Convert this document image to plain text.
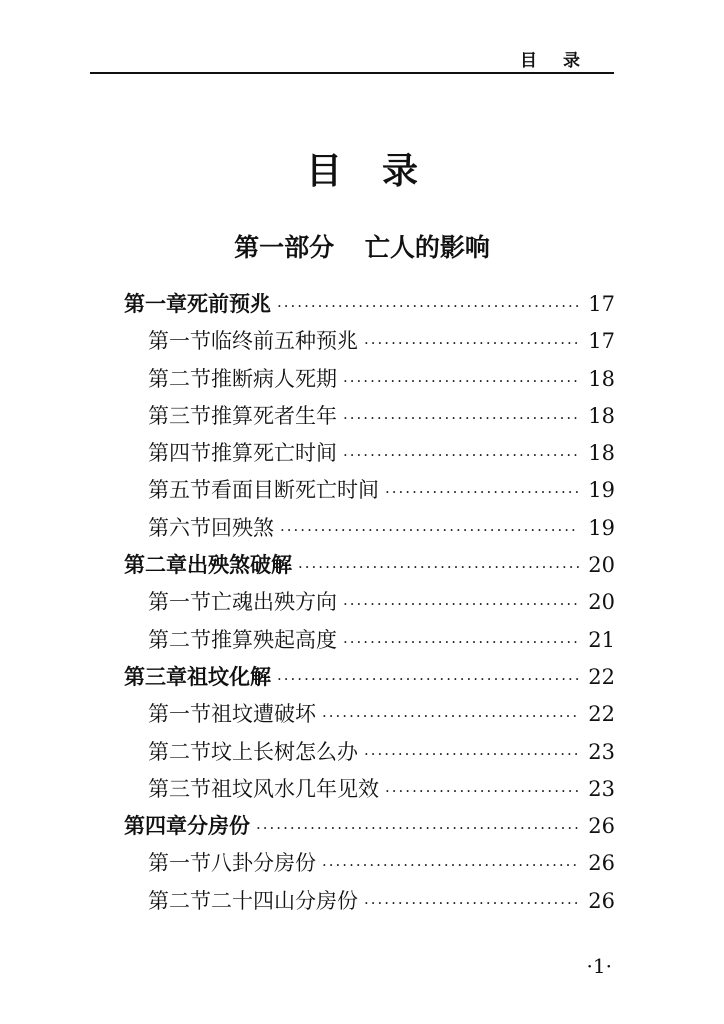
目录
目录
第一部分 亡人的影响
第一章 死前预兆 ·····	17
第一节 临终前五种预兆 ·····	17
第二节 推断病人死期 ·····	18
第三节 推算死者生年 ·····	18
第四节 推算死亡时间 ·····	18
第五节 看面目断死亡时间 ·····	19
第六节 回殃煞 ·····	19
第二章 出殃煞破解 ·····	20
第一节 亡魂出殃方向 ·····	20
第二节 推算殃起高度 ·····	21
第三章 祖坟化解 ·····	22
第一节 祖坟遭破坏 ·····	22
第二节 坟上长树怎么办 ·····	23
第三节 祖坟风水几年见效 ·····	23
第四章 分房份 ·····	26
第一节 八卦分房份 ·····	26
第二节 二十四山分房份 ·····	26
·1·
